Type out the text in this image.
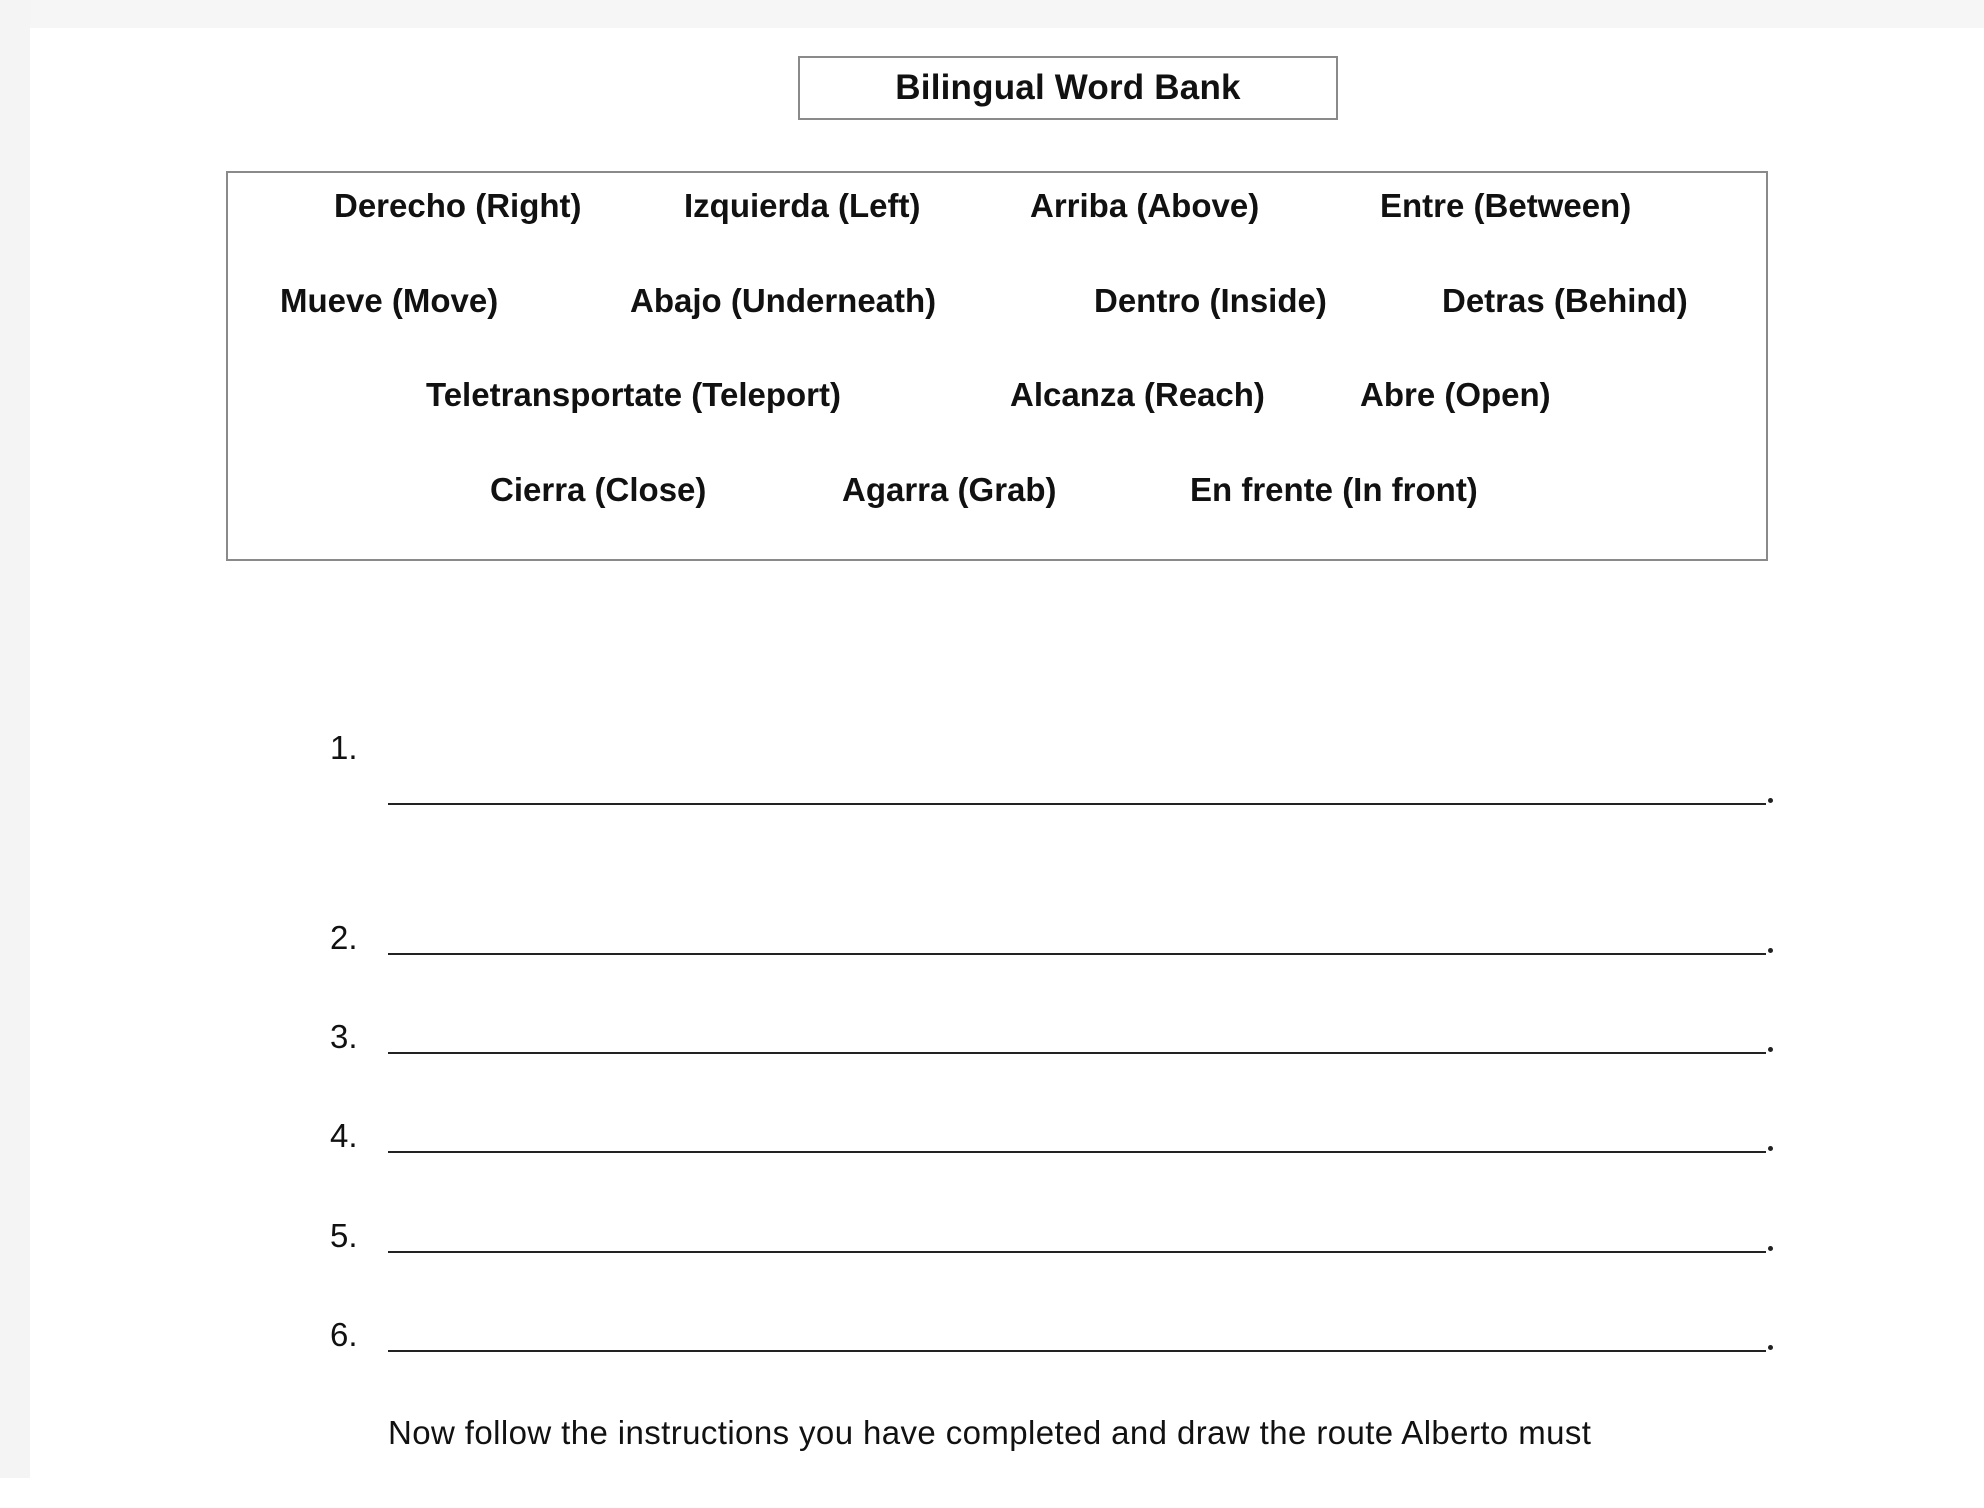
Bilingual Word Bank
Derecho (Right)	Izquierda (Left)	Arriba (Above)	Entre (Between)
Mueve (Move)	Abajo (Underneath)	Dentro (Inside)	Detras (Behind)
Teletransportate (Teleport)	Alcanza (Reach)	Abre (Open)
Cierra (Close)	Agarra (Grab)	En frente (In front)
1.
2.
3.
4.
5.
6.
Now follow the instructions you have completed and draw the route Alberto must
